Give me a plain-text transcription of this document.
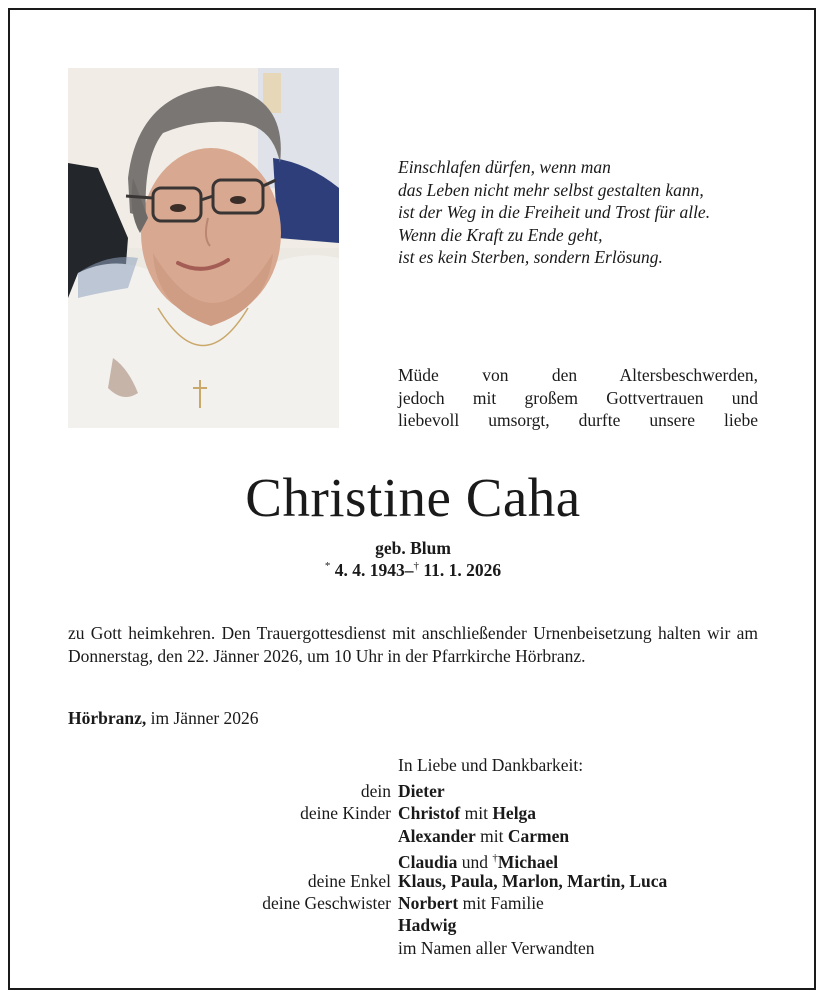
Einschlafen dürfen, wenn man
das Leben nicht mehr selbst gestalten kann,
ist der Weg in die Freiheit und Trost für alle.
Wenn die Kraft zu Ende geht,
ist es kein Sterben, sondern Erlösung.
Müde von den Altersbeschwerden,
jedoch mit großem Gottvertrauen und
liebevoll umsorgt, durfte unsere liebe
Christine Caha
geb. Blum
* 4. 4. 1943–† 11. 1. 2026
zu Gott heimkehren. Den Trauergottesdienst mit anschließender Urnenbeisetzung halten wir am Donnerstag, den 22. Jänner 2026, um 10 Uhr in der Pfarrkirche Hörbranz.
Hörbranz, im Jänner 2026
In Liebe und Dankbarkeit:
dein Dieter
deine Kinder Christof mit Helga
Alexander mit Carmen
Claudia und †Michael
deine Enkel Klaus, Paula, Marlon, Martin, Luca
deine Geschwister Norbert mit Familie
Hadwig
im Namen aller Verwandten
